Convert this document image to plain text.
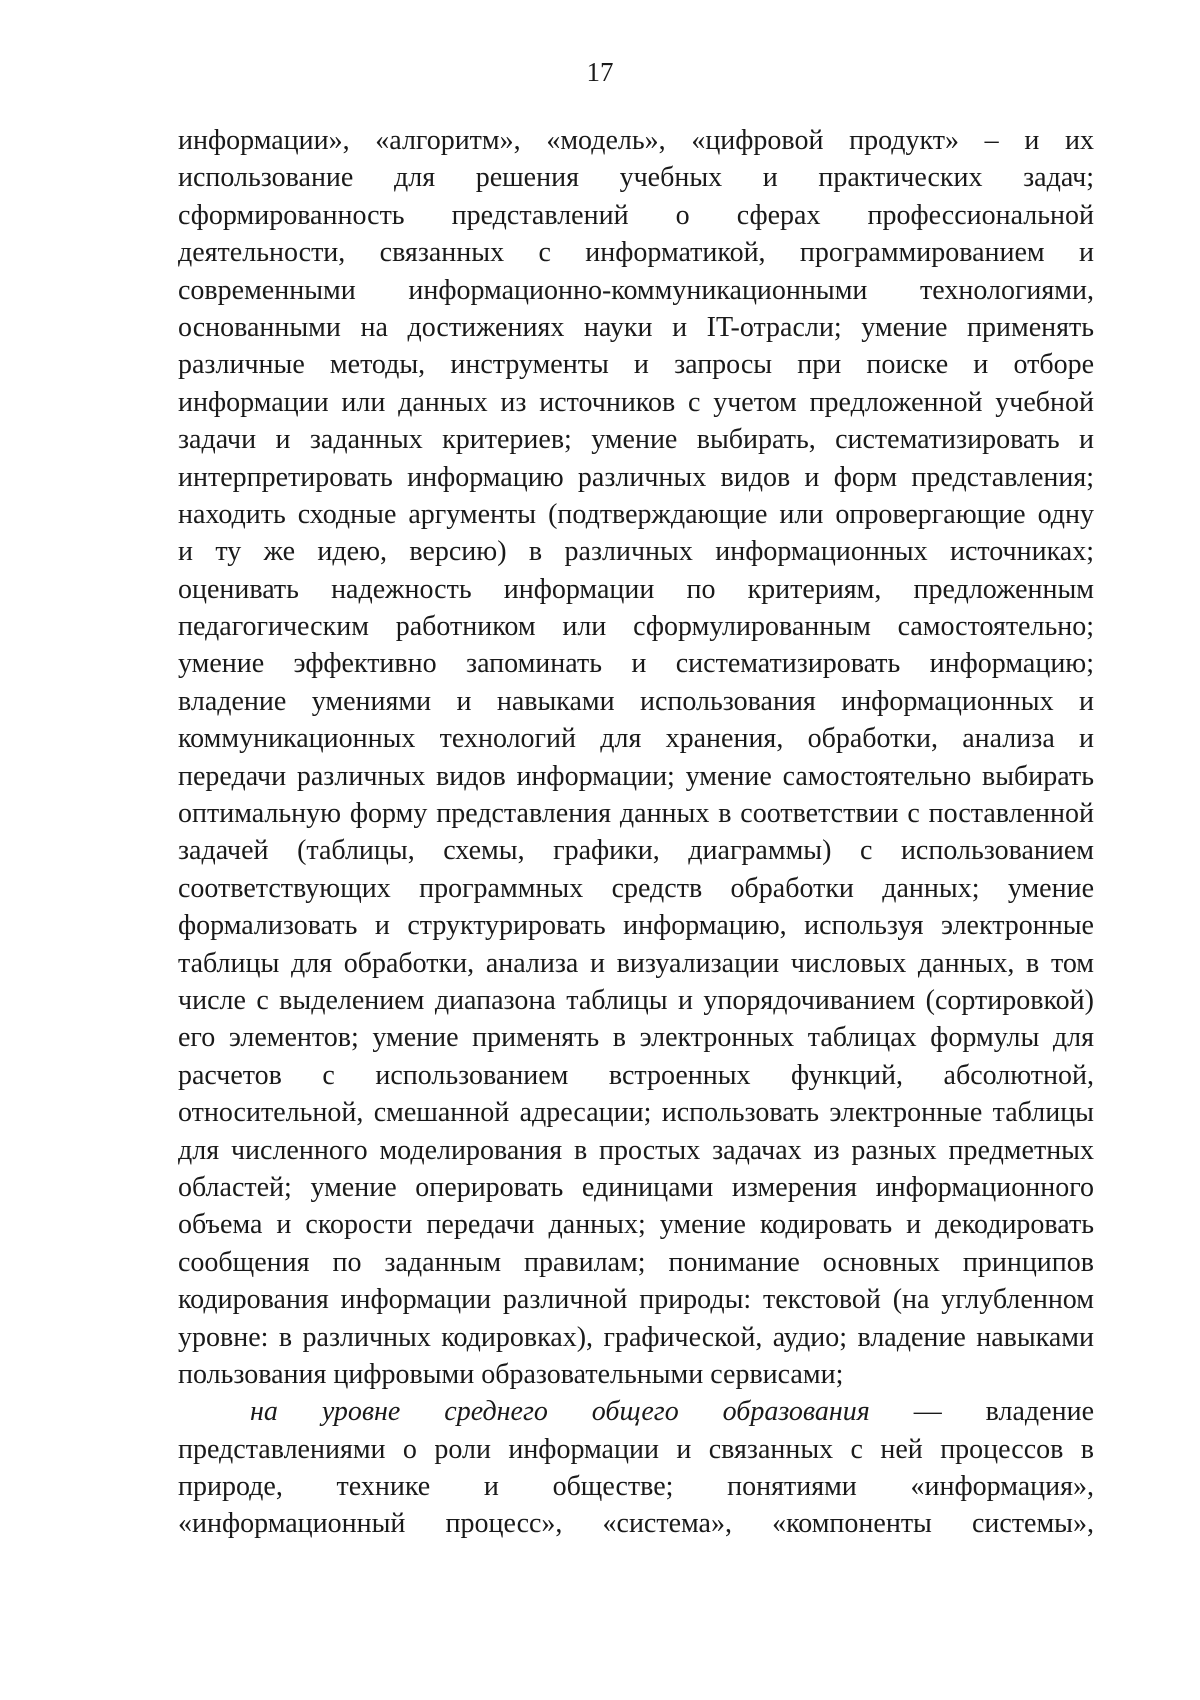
17
информации», «алгоритм», «модель», «цифровой продукт» – и их
использование для решения учебных и практических задач;
сформированность представлений о сферах профессиональной
деятельности, связанных с информатикой, программированием и
современными информационно-коммуникационными технологиями,
основанными на достижениях науки и IT-отрасли; умение применять
различные методы, инструменты и запросы при поиске и отборе
информации или данных из источников с учетом предложенной учебной
задачи и заданных критериев; умение выбирать, систематизировать и
интерпретировать информацию различных видов и форм представления;
находить сходные аргументы (подтверждающие или опровергающие одну
и ту же идею, версию) в различных информационных источниках;
оценивать надежность информации по критериям, предложенным
педагогическим работником или сформулированным самостоятельно;
умение эффективно запоминать и систематизировать информацию;
владение умениями и навыками использования информационных и
коммуникационных технологий для хранения, обработки, анализа и
передачи различных видов информации; умение самостоятельно выбирать
оптимальную форму представления данных в соответствии с поставленной
задачей (таблицы, схемы, графики, диаграммы) с использованием
соответствующих программных средств обработки данных; умение
формализовать и структурировать информацию, используя электронные
таблицы для обработки, анализа и визуализации числовых данных, в том
числе с выделением диапазона таблицы и упорядочиванием (сортировкой)
его элементов; умение применять в электронных таблицах формулы для
расчетов с использованием встроенных функций, абсолютной,
относительной, смешанной адресации; использовать электронные таблицы
для численного моделирования в простых задачах из разных предметных
областей; умение оперировать единицами измерения информационного
объема и скорости передачи данных; умение кодировать и декодировать
сообщения по заданным правилам; понимание основных принципов
кодирования информации различной природы: текстовой (на углубленном
уровне: в различных кодировках), графической, аудио; владение навыками
пользования цифровыми образовательными сервисами;
на уровне среднего общего образования — владение
представлениями о роли информации и связанных с ней процессов в
природе, технике и обществе; понятиями «информация»,
«информационный процесс», «система», «компоненты системы»,
